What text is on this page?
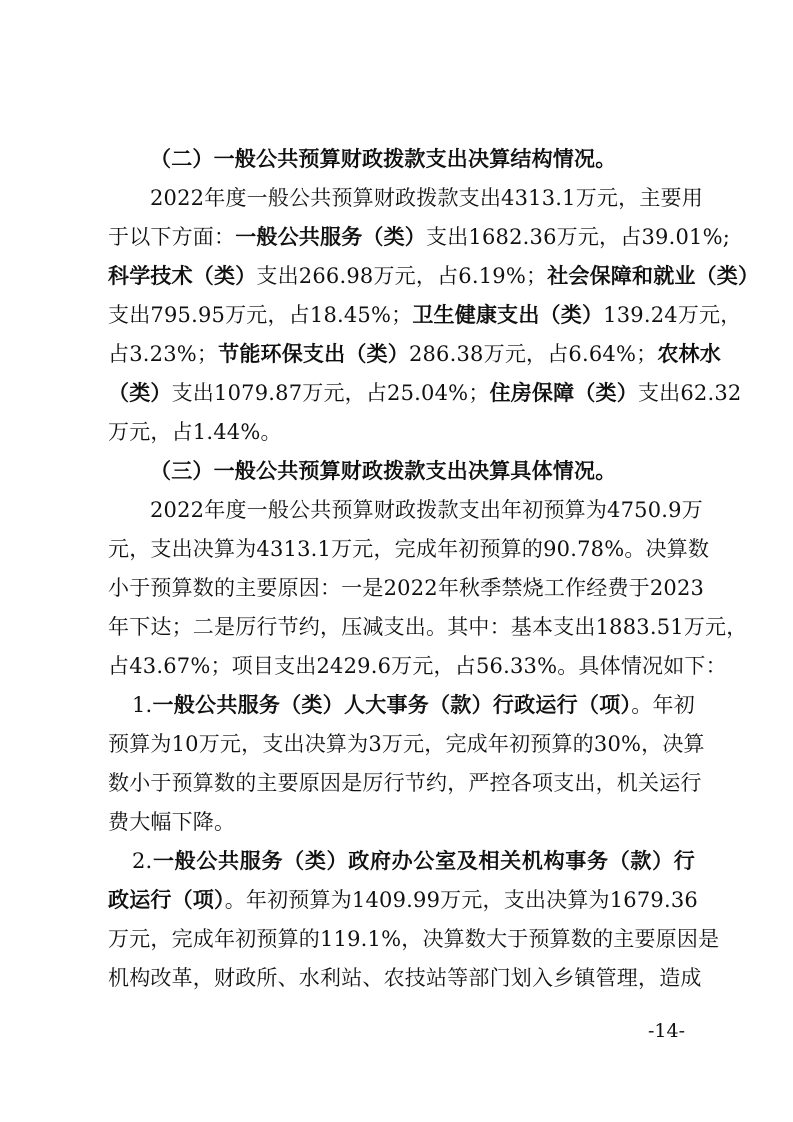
（二）一般公共预算财政拨款支出决算结构情况。
2022年度一般公共预算财政拨款支出4313.1万元，主要用
于以下方面：一般公共服务（类）支出1682.36万元，占39.01%;
科学技术（类）支出266.98万元，占6.19%；社会保障和就业（类）
支出795.95万元，占18.45%；卫生健康支出（类）139.24万元，
占3.23%；节能环保支出（类）286.38万元，占6.64%；农林水
（类）支出1079.87万元，占25.04%；住房保障（类）支出62.32
万元，占1.44%。
（三）一般公共预算财政拨款支出决算具体情况。
2022年度一般公共预算财政拨款支出年初预算为4750.9万
元，支出决算为4313.1万元，完成年初预算的90.78%。决算数
小于预算数的主要原因：一是2022年秋季禁烧工作经费于2023
年下达；二是厉行节约，压减支出。其中：基本支出1883.51万元，
占43.67%；项目支出2429.6万元，占56.33%。具体情况如下：
1.一般公共服务（类）人大事务（款）行政运行（项）。年初
预算为10万元，支出决算为3万元，完成年初预算的30%，决算
数小于预算数的主要原因是厉行节约，严控各项支出，机关运行
费大幅下降。
2.一般公共服务（类）政府办公室及相关机构事务（款）行
政运行（项）。年初预算为1409.99万元，支出决算为1679.36
万元，完成年初预算的119.1%，决算数大于预算数的主要原因是
机构改革，财政所、水利站、农技站等部门划入乡镇管理，造成
-14-
